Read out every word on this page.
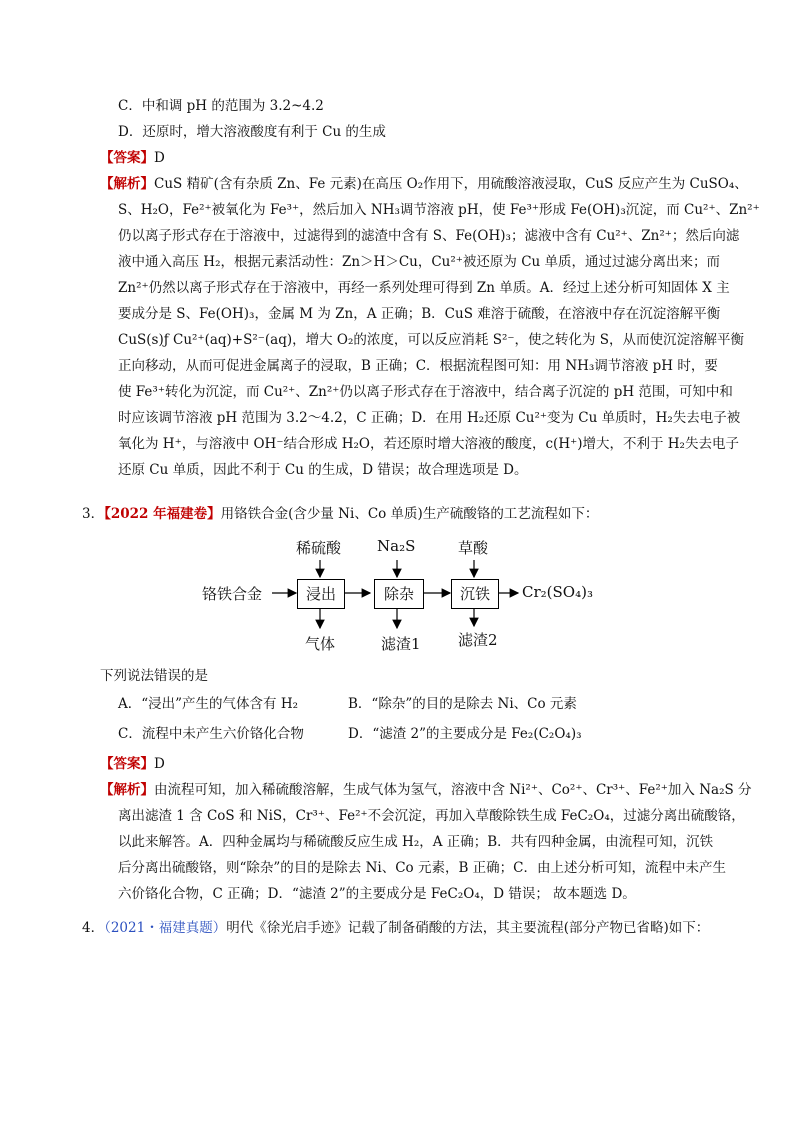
C．中和调 pH 的范围为 3.2~4.2
D．还原时，增大溶液酸度有利于 Cu 的生成
【答案】D
【解析】CuS 精矿(含有杂质 Zn、Fe 元素)在高压 O₂作用下，用硫酸溶液浸取，CuS 反应产生为 CuSO₄、
S、H₂O，Fe²⁺被氧化为 Fe³⁺，然后加入 NH₃调节溶液 pH，使 Fe³⁺形成 Fe(OH)₃沉淀，而 Cu²⁺、Zn²⁺
仍以离子形式存在于溶液中，过滤得到的滤渣中含有 S、Fe(OH)₃；滤液中含有 Cu²⁺、Zn²⁺；然后向滤
液中通入高压 H₂，根据元素活动性：Zn＞H＞Cu，Cu²⁺被还原为 Cu 单质，通过过滤分离出来；而
Zn²⁺仍然以离子形式存在于溶液中，再经一系列处理可得到 Zn 单质。A．经过上述分析可知固体 X 主
要成分是 S、Fe(OH)₃，金属 M 为 Zn，A 正确；B．CuS 难溶于硫酸，在溶液中存在沉淀溶解平衡
CuS(s)ƒ Cu²⁺(aq)+S²⁻(aq)，增大 O₂的浓度，可以反应消耗 S²⁻，使之转化为 S，从而使沉淀溶解平衡
正向移动，从而可促进金属离子的浸取，B 正确；C．根据流程图可知：用 NH₃调节溶液 pH 时，要
使 Fe³⁺转化为沉淀，而 Cu²⁺、Zn²⁺仍以离子形式存在于溶液中，结合离子沉淀的 pH 范围，可知中和
时应该调节溶液 pH 范围为 3.2～4.2，C 正确；D．在用 H₂还原 Cu²⁺变为 Cu 单质时，H₂失去电子被
氧化为 H⁺，与溶液中 OH⁻结合形成 H₂O，若还原时增大溶液的酸度，c(H⁺)增大，不利于 H₂失去电子
还原 Cu 单质，因此不利于 Cu 的生成，D 错误；故合理选项是 D。
3．【2022 年福建卷】用铬铁合金(含少量 Ni、Co 单质)生产硫酸铬的工艺流程如下：
铬铁合金
稀硫酸 Na₂S	草酸
浸出	除杂	沉铁	Cr₂(SO₄)₃
气体	滤渣1 滤渣2
下列说法错误的是
A．“浸出”产生的气体含有 H₂	B．“除杂”的目的是除去 Ni、Co 元素
C．流程中未产生六价铬化合物	D．“滤渣 2”的主要成分是 Fe₂(C₂O₄)₃
【答案】D
【解析】由流程可知，加入稀硫酸溶解，生成气体为氢气，溶液中含 Ni²⁺、Co²⁺、Cr³⁺、Fe²⁺加入 Na₂S 分
离出滤渣 1 含 CoS 和 NiS，Cr³⁺、Fe²⁺不会沉淀，再加入草酸除铁生成 FeC₂O₄，过滤分离出硫酸铬，
以此来解答。A．四种金属均与稀硫酸反应生成 H₂，A 正确；B．共有四种金属，由流程可知，沉铁
后分离出硫酸铬，则“除杂”的目的是除去 Ni、Co 元素，B 正确；C．由上述分析可知，流程中未产生
六价铬化合物，C 正确；D．“滤渣 2”的主要成分是 FeC₂O₄，D 错误； 故本题选 D。
4．（2021・福建真题）明代《徐光启手迹》记载了制备硝酸的方法，其主要流程(部分产物已省略)如下：
